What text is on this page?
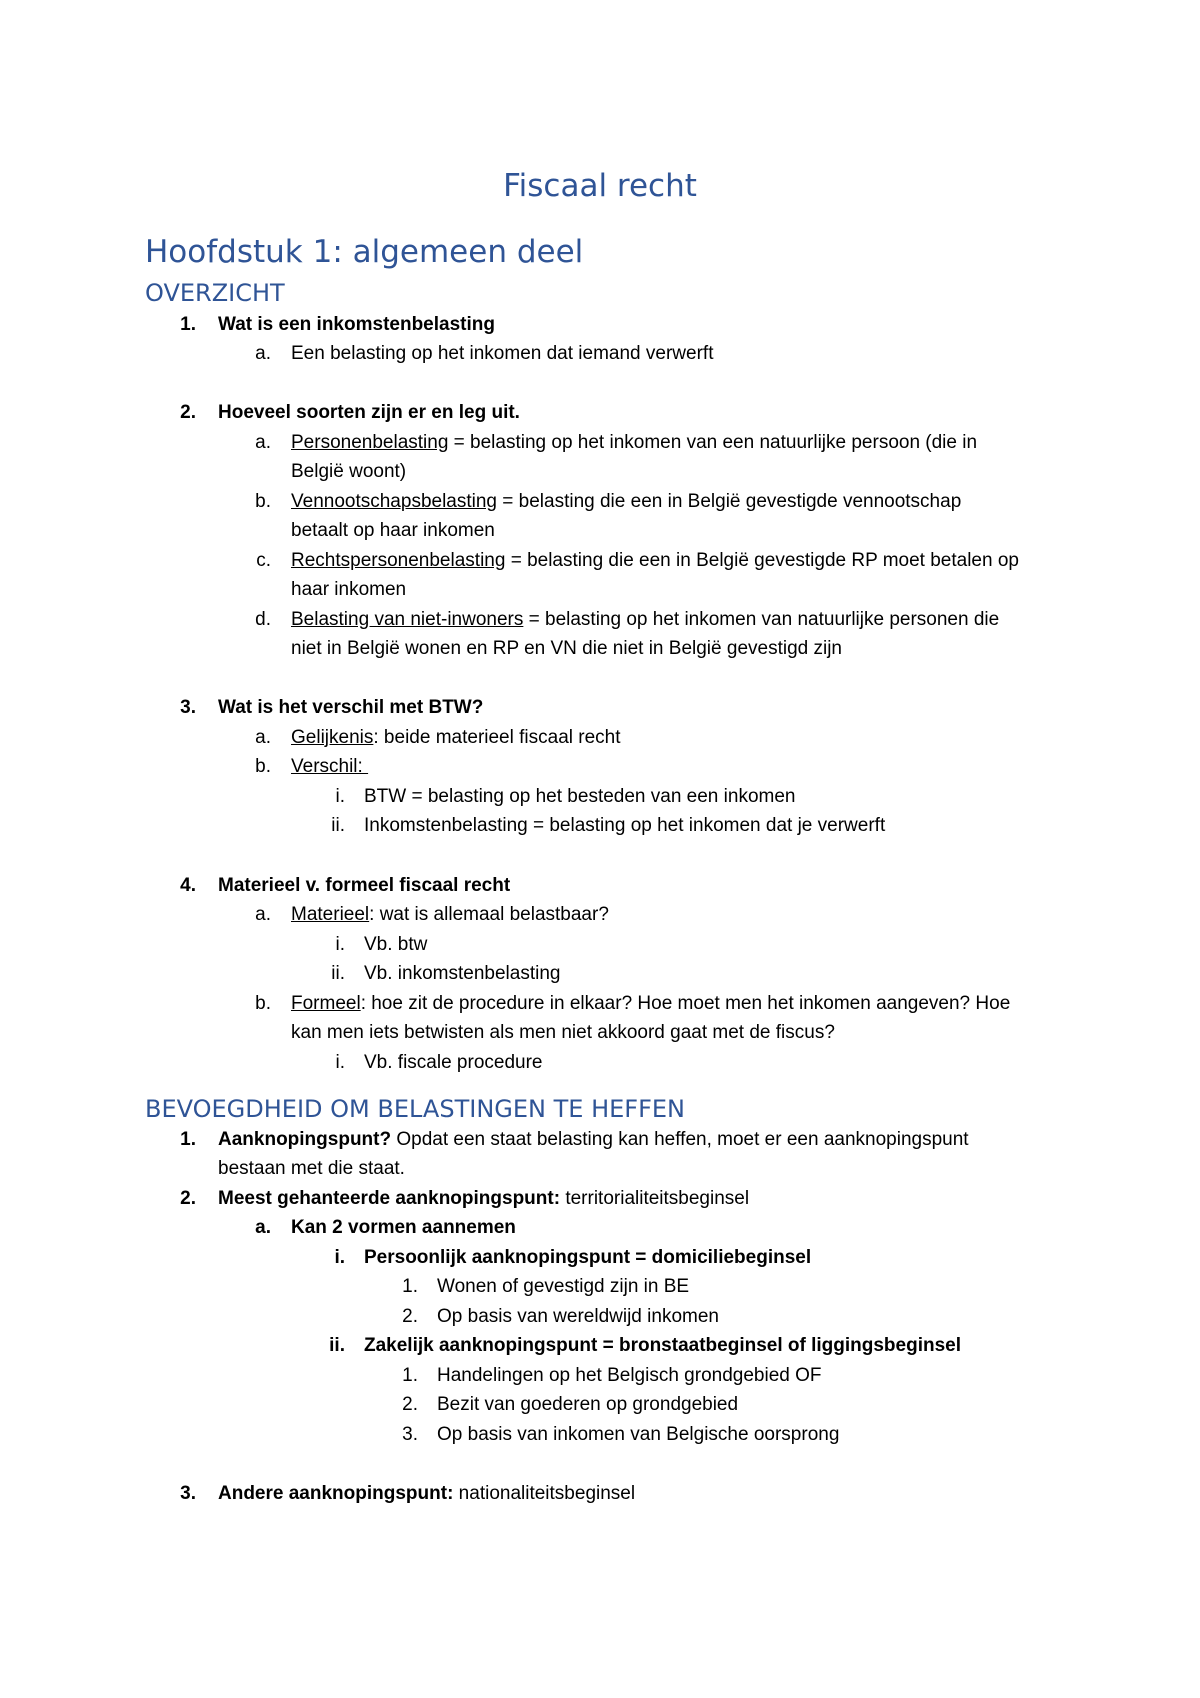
Fiscaal recht
Hoofdstuk 1: algemeen deel
OVERZICHT
1. Wat is een inkomstenbelasting
a. Een belasting op het inkomen dat iemand verwerft
2. Hoeveel soorten zijn er en leg uit.
a. Personenbelasting = belasting op het inkomen van een natuurlijke persoon (die in
België woont)
b. Vennootschapsbelasting = belasting die een in België gevestigde vennootschap
betaalt op haar inkomen
c. Rechtspersonenbelasting = belasting die een in België gevestigde RP moet betalen op
haar inkomen
d. Belasting van niet-inwoners = belasting op het inkomen van natuurlijke personen die
niet in België wonen en RP en VN die niet in België gevestigd zijn
3. Wat is het verschil met BTW?
a. Gelijkenis: beide materieel fiscaal recht
b. Verschil:
i. BTW = belasting op het besteden van een inkomen
ii. Inkomstenbelasting = belasting op het inkomen dat je verwerft
4. Materieel v. formeel fiscaal recht
a. Materieel: wat is allemaal belastbaar?
i. Vb. btw
ii. Vb. inkomstenbelasting
b. Formeel: hoe zit de procedure in elkaar? Hoe moet men het inkomen aangeven? Hoe
kan men iets betwisten als men niet akkoord gaat met de fiscus?
i. Vb. fiscale procedure
BEVOEGDHEID OM BELASTINGEN TE HEFFEN
1. Aanknopingspunt? Opdat een staat belasting kan heffen, moet er een aanknopingspunt
bestaan met die staat.
2. Meest gehanteerde aanknopingspunt: territorialiteitsbeginsel
a. Kan 2 vormen aannemen
i. Persoonlijk aanknopingspunt = domiciliebeginsel
1. Wonen of gevestigd zijn in BE
2. Op basis van wereldwijd inkomen
ii. Zakelijk aanknopingspunt = bronstaatbeginsel of liggingsbeginsel
1. Handelingen op het Belgisch grondgebied OF
2. Bezit van goederen op grondgebied
3. Op basis van inkomen van Belgische oorsprong
3. Andere aanknopingspunt: nationaliteitsbeginsel
